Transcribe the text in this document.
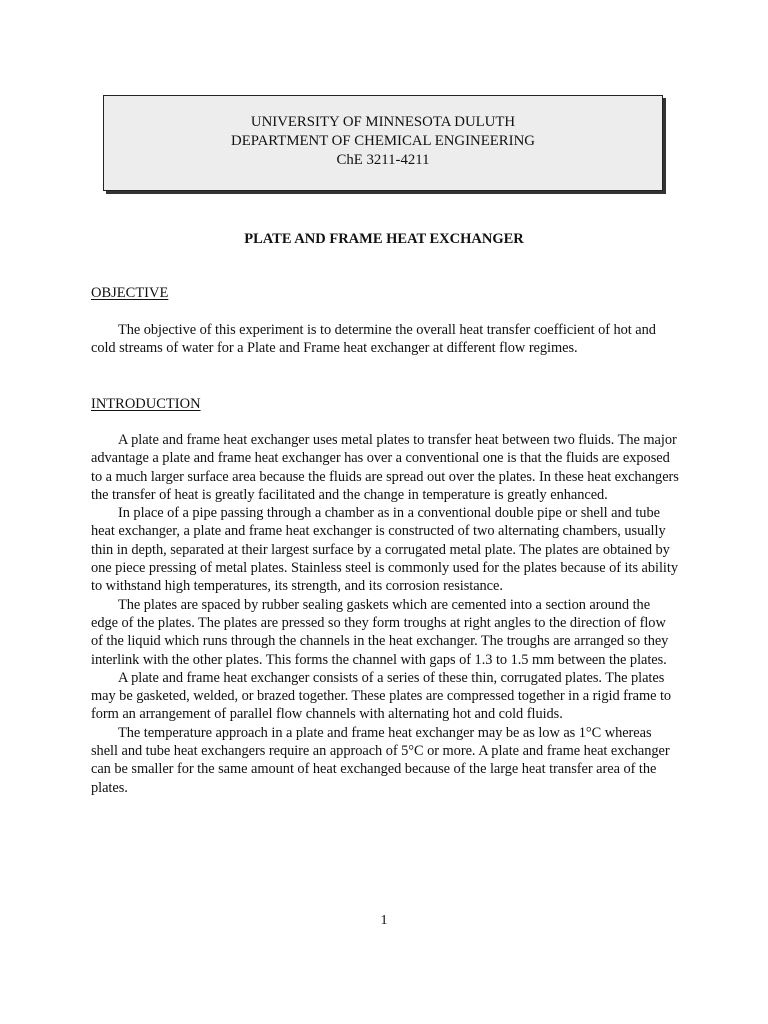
UNIVERSITY OF MINNESOTA DULUTH
DEPARTMENT OF CHEMICAL ENGINEERING
ChE 3211-4211
PLATE AND FRAME HEAT EXCHANGER
OBJECTIVE

The objective of this experiment is to determine the overall heat transfer coefficient of hot and cold streams of water for a Plate and Frame heat exchanger at different flow regimes.

INTRODUCTION

A plate and frame heat exchanger uses metal plates to transfer heat between two fluids. The major advantage a plate and frame heat exchanger has over a conventional one is that the fluids are exposed to a much larger surface area because the fluids are spread out over the plates. In these heat exchangers the transfer of heat is greatly facilitated and the change in temperature is greatly enhanced.

In place of a pipe passing through a chamber as in a conventional double pipe or shell and tube heat exchanger, a plate and frame heat exchanger is constructed of two alternating chambers, usually thin in depth, separated at their largest surface by a corrugated metal plate. The plates are obtained by one piece pressing of metal plates. Stainless steel is commonly used for the plates because of its ability to withstand high temperatures, its strength, and its corrosion resistance.

The plates are spaced by rubber sealing gaskets which are cemented into a section around the edge of the plates. The plates are pressed so they form troughs at right angles to the direction of flow of the liquid which runs through the channels in the heat exchanger. The troughs are arranged so they interlink with the other plates. This forms the channel with gaps of 1.3 to 1.5 mm between the plates.

A plate and frame heat exchanger consists of a series of these thin, corrugated plates. The plates may be gasketed, welded, or brazed together. These plates are compressed together in a rigid frame to form an arrangement of parallel flow channels with alternating hot and cold fluids.

The temperature approach in a plate and frame heat exchanger may be as low as 1°C whereas shell and tube heat exchangers require an approach of 5°C or more. A plate and frame heat exchanger can be smaller for the same amount of heat exchanged because of the large heat transfer area of the plates.

1
